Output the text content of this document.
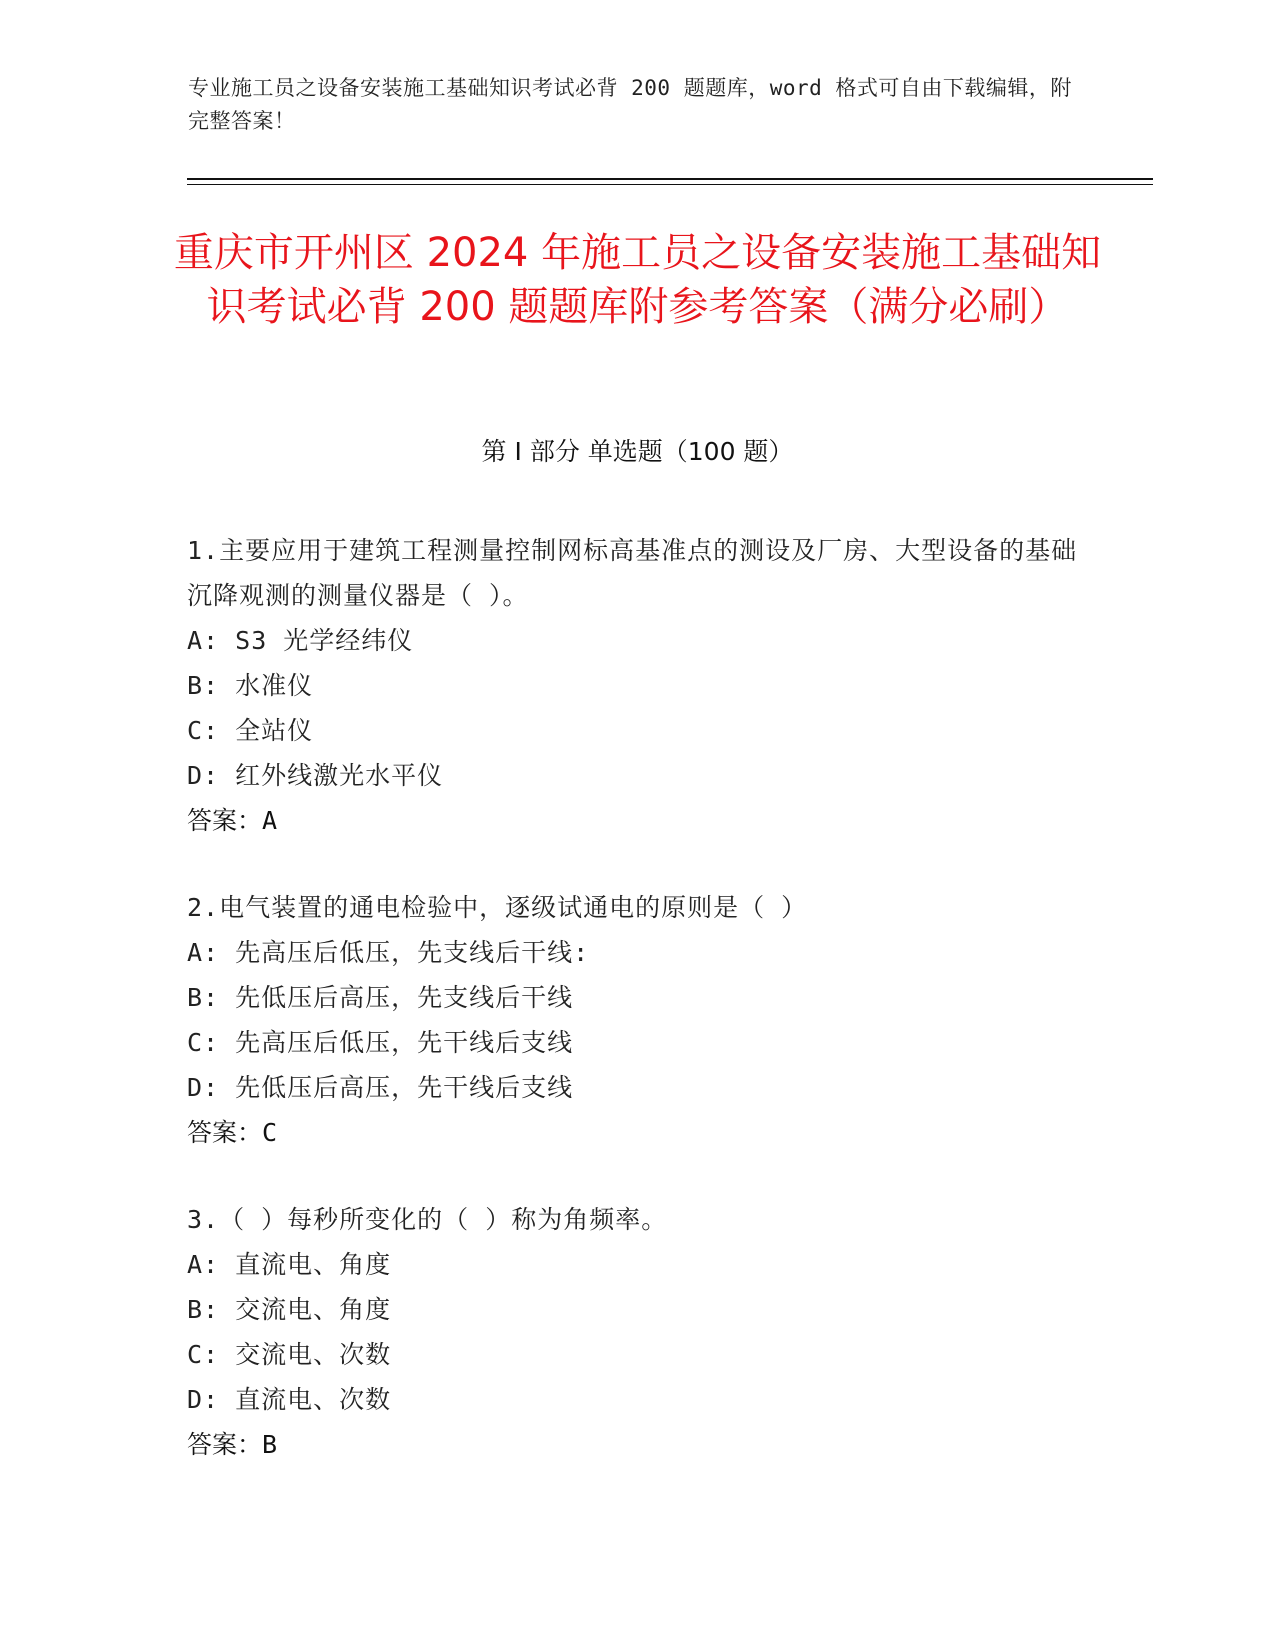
专业施工员之设备安装施工基础知识考试必背 200 题题库，word 格式可自由下载编辑，附完整答案！
重庆市开州区 2024 年施工员之设备安装施工基础知识考试必背 200 题题库附参考答案（满分必刷）
第 I 部分 单选题（100 题）

1.主要应用于建筑工程测量控制网标高基准点的测设及厂房、大型设备的基础沉降观测的测量仪器是（ ）。

A: S3 光学经纬仪

B: 水准仪

C: 全站仪

D: 红外线激光水平仪

答案：A

2.电气装置的通电检验中，逐级试通电的原则是（ ）

A: 先高压后低压，先支线后干线:

B: 先低压后高压，先支线后干线

C: 先高压后低压，先干线后支线

D: 先低压后高压，先干线后支线

答案：C

3.（ ）每秒所变化的（ ）称为角频率。

A: 直流电、角度

B: 交流电、角度

C: 交流电、次数

D: 直流电、次数

答案：B
